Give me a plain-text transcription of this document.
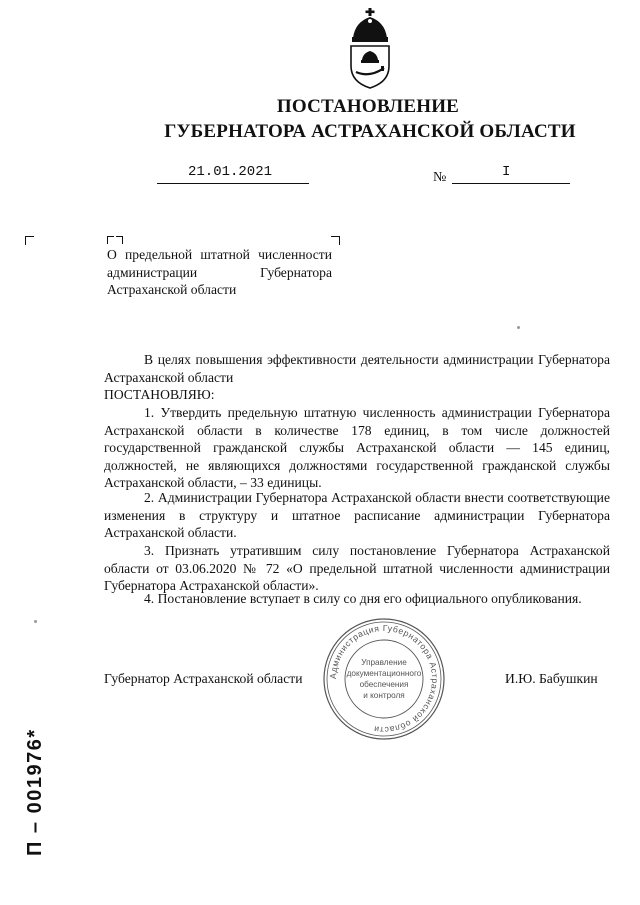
ПОСТАНОВЛЕНИЕ
ГУБЕРНАТОРА АСТРАХАНСКОЙ ОБЛАСТИ
21.01.2021	№	I
О предельной штатной численности администрации Губернатора Астраханской области
В целях повышения эффективности деятельности администрации Губернатора Астраханской области
ПОСТАНОВЛЯЮ:
1. Утвердить предельную штатную численность администрации Губернатора Астраханской области в количестве 178 единиц, в том числе должностей государственной гражданской службы Астраханской области — 145 единиц, должностей, не являющихся должностями государственной гражданской службы Астраханской области, – 33 единицы.
2. Администрации Губернатора Астраханской области внести соответствующие изменения в структуру и штатное расписание администрации Губернатора Астраханской области.
3. Признать утратившим силу постановление Губернатора Астраханской области от 03.06.2020 № 72 «О предельной штатной численности администрации Губернатора Астраханской области».
4. Постановление вступает в силу со дня его официального опубликования.
Администрация Губернатора Астраханской области
Управление
документационного
обеспечения
и контроля
Губернатор Астраханской области	И.Ю. Бабушкин
П – 001976*
